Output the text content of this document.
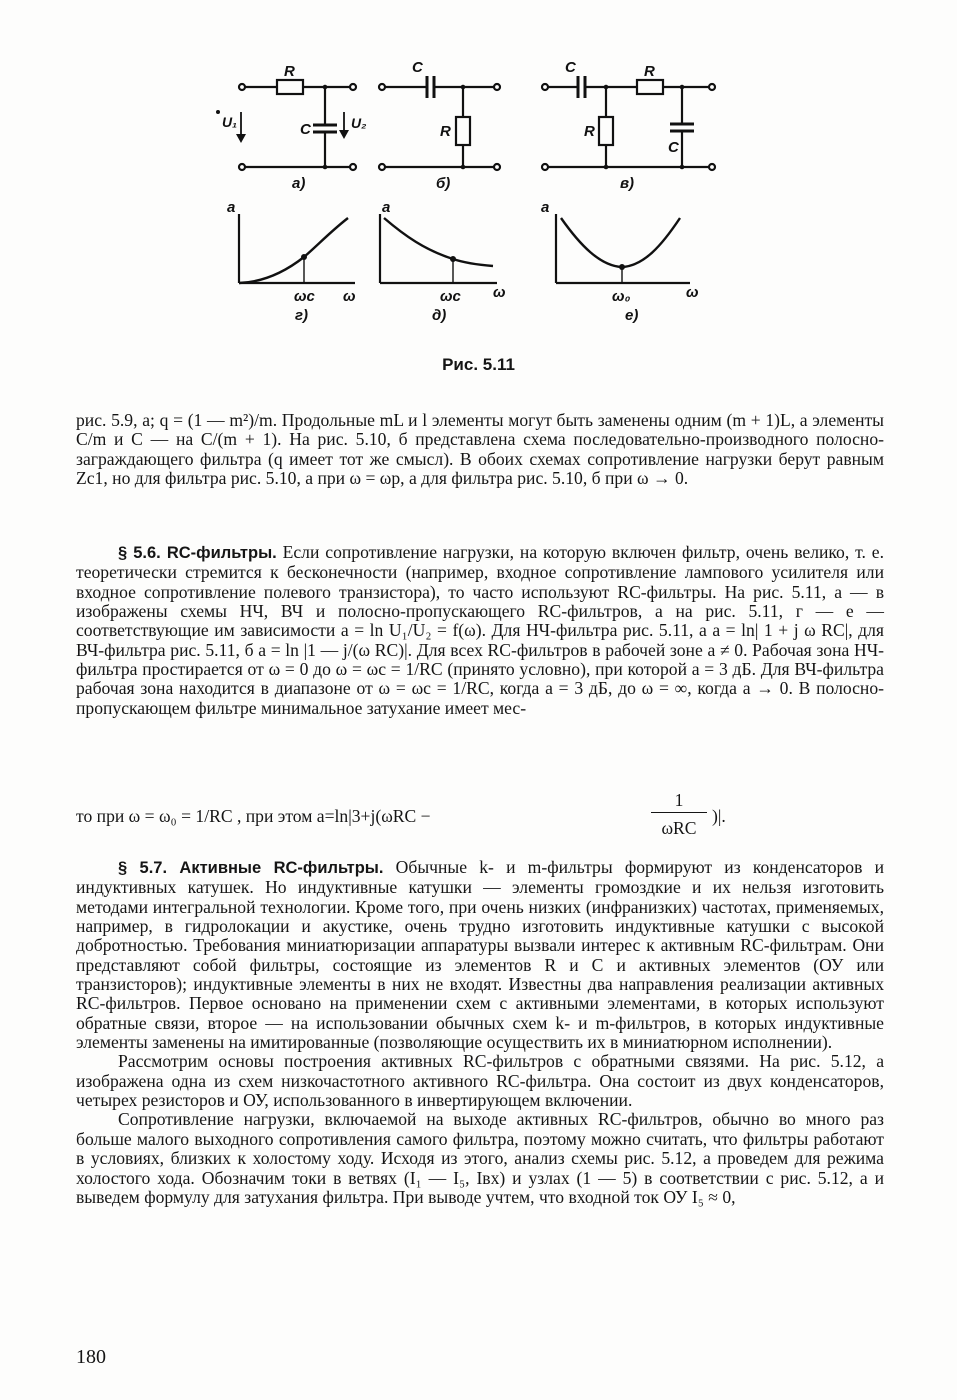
R
C
U₁	U₂
а)
C
R
б)
C	R
R
C
в)
a
ωc ω
г)
a
ωc ω
д)
a
ω₀	ω
е)
Рис. 5.11

рис. 5.9, а; q = (1 — m²)/m. Продольные mL и l элементы могут быть заменены одним (m + 1)L, а элементы C/m и C — на C/(m + 1). На рис. 5.10, б представлена схема последовательно-производного полосно-заграждающего фильтра (q имеет тот же смысл). В обоих схемах сопротивление нагрузки берут равным Zc1, но для фильтра рис. 5.10, а при ω = ωр, а для фильтра рис. 5.10, б при ω → 0.

§ 5.6. RC-фильтры. Если сопротивление нагрузки, на которую включен фильтр, очень велико, т. е. теоретически стремится к бесконечности (например, входное сопротивление лампового усилителя или входное сопротивление полевого транзистора), то часто используют RC-фильтры. На рис. 5.11, а — в изображены схемы НЧ, ВЧ и полосно-пропускающего RC-фильтров, а на рис. 5.11, г — е — соответствующие им зависимости a = ln U₁/U₂ = f(ω). Для НЧ-фильтра рис. 5.11, а a = ln| 1 + j ω RC|, для ВЧ-фильтра рис. 5.11, б a = ln |1 — j/(ω RC)|. Для всех RC-фильтров в рабочей зоне a ≠ 0. Рабочая зона НЧ-фильтра простирается от ω = 0 до ω = ωc = 1/RC (принято условно), при которой a = 3 дБ. Для ВЧ-фильтра рабочая зона находится в диапазоне от ω = ωc = 1/RC, когда a = 3 дБ, до ω = ∞, когда a → 0. В полосно-пропускающем фильтре минимальное затухание имеет мес-

то при ω = ω₀ = 1/RC , при этом a=ln|3+j(ωRC −
1
ωRC
)|.

§ 5.7. Активные RC-фильтры. Обычные k- и m-фильтры формируют из конденсаторов и индуктивных катушек. Но индуктивные катушки — элементы громоздкие и их нельзя изготовить методами интегральной технологии. Кроме того, при очень низких (инфранизких) частотах, применяемых, например, в гидролокации и акустике, очень трудно изготовить индуктивные катушки с высокой добротностью. Требования миниатюризации аппаратуры вызвали интерес к активным RC-фильтрам. Они представляют собой фильтры, состоящие из элементов R и C и активных элементов (ОУ или транзисторов); индуктивные элементы в них не входят. Известны два направления реализации активных RC-фильтров. Первое основано на применении схем с активными элементами, в которых используют обратные связи, второе — на использовании обычных схем k- и m-фильтров, в которых индуктивные элементы заменены на имитированные (позволяющие осуществить их в миниатюрном исполнении).

Рассмотрим основы построения активных RC-фильтров с обратными связями. На рис. 5.12, а изображена одна из схем низкочастотного активного RC-фильтра. Она состоит из двух конденсаторов, четырех резисторов и ОУ, использованного в инвертирующем включении.

Сопротивление нагрузки, включаемой на выходе активных RC-фильтров, обычно во много раз больше малого выходного сопротивления самого фильтра, поэтому можно считать, что фильтры работают в условиях, близких к холостому ходу. Исходя из этого, анализ схемы рис. 5.12, а проведем для режима холостого хода. Обозначим токи в ветвях (I₁ — I₅, Iвх) и узлах (1 — 5) в соответствии с рис. 5.12, а и выведем формулу для затухания фильтра. При выводе учтем, что входной ток ОУ I₅ ≈ 0,

180
